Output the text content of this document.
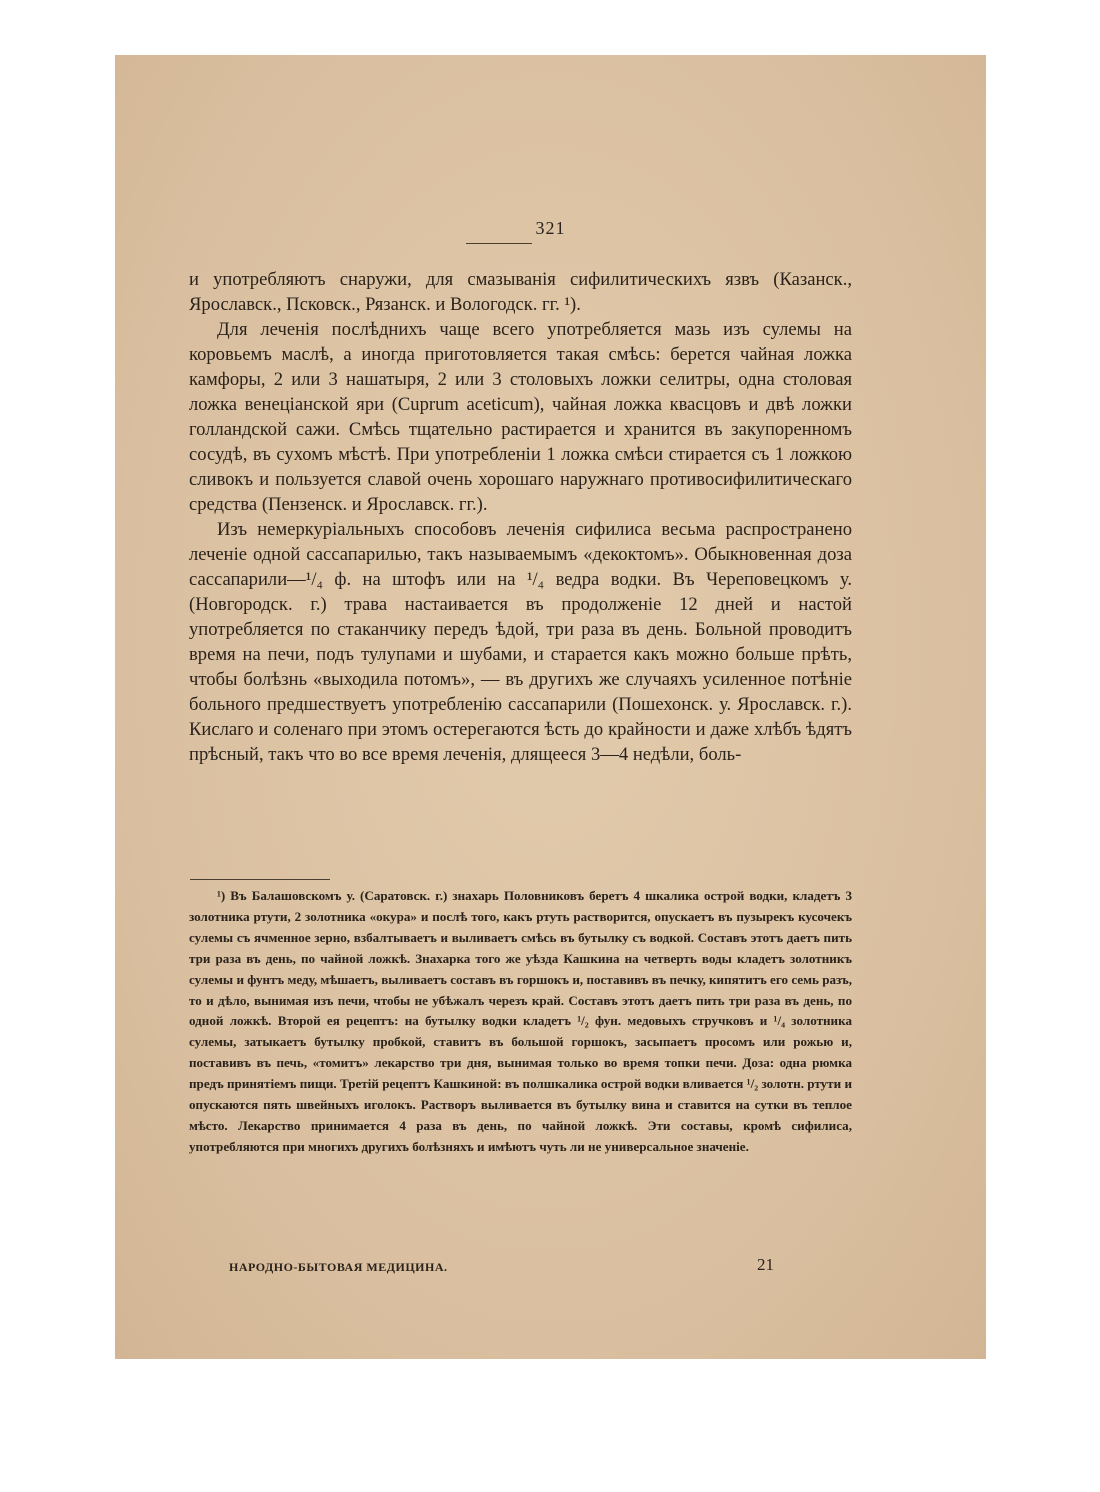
321

и употребляютъ снаружи, для смазыванія сифилитическихъ язвъ (Казанск., Ярославск., Псковск., Рязанск. и Вологодск. гг. ¹).

Для леченія послѣднихъ чаще всего употребляется мазь изъ сулемы на коровьемъ маслѣ, а иногда приготовляется такая смѣсь: берется чайная ложка камфоры, 2 или 3 нашатыря, 2 или 3 столовыхъ ложки селитры, одна столовая ложка венеціанской яри (Cuprum aceticum), чайная ложка квасцовъ и двѣ ложки голландской сажи. Смѣсь тщательно растирается и хранится въ закупоренномъ сосудѣ, въ сухомъ мѣстѣ. При употребленіи 1 ложка смѣси стирается съ 1 ложкою сливокъ и пользуется славой очень хорошаго наружнаго противосифилитическаго средства (Пензенск. и Ярославск. гг.).

Изъ немеркуріальныхъ способовъ леченія сифилиса весьма распространено леченіе одной сассапарилью, такъ называемымъ «декоктомъ». Обыкновенная доза сассапарили—¹/₄ ф. на штофъ или на ¹/₄ ведра водки. Въ Череповецкомъ у. (Новгородск. г.) трава настаивается въ продолженіе 12 дней и настой употребляется по стаканчику передъ ѣдой, три раза въ день. Больной проводитъ время на печи, подъ тулупами и шубами, и старается какъ можно больше прѣть, чтобы болѣзнь «выходила потомъ», — въ другихъ же случаяхъ усиленное потѣніе больного предшествуетъ употребленію сассапарили (Пошехонск. у. Ярославск. г.). Кислаго и соленаго при этомъ остерегаются ѣсть до крайности и даже хлѣбъ ѣдятъ прѣсный, такъ что во все время леченія, длящееся 3—4 недѣли, боль-

¹) Въ Балашовскомъ у. (Саратовск. г.) знахарь Половниковъ беретъ 4 шкалика острой водки, кладетъ 3 золотника ртути, 2 золотника «окура» и послѣ того, какъ ртуть растворится, опускаетъ въ пузырекъ кусочекъ сулемы съ ячменное зерно, взбалтываетъ и выливаетъ смѣсь въ бутылку съ водкой. Составъ этотъ даетъ пить три раза въ день, по чайной ложкѣ. Знахарка того же уѣзда Кашкина на четверть воды кладетъ золотникъ сулемы и фунтъ меду, мѣшаетъ, выливаетъ составъ въ горшокъ и, поставивъ въ печку, кипятитъ его семь разъ, то и дѣло, вынимая изъ печи, чтобы не убѣжалъ черезъ край. Составъ этотъ даетъ пить три раза въ день, по одной ложкѣ. Второй ея рецептъ: на бутылку водки кладетъ ¹/₂ фун. медовыхъ стручковъ и ¹/₄ золотника сулемы, затыкаетъ бутылку пробкой, ставитъ въ большой горшокъ, засыпаетъ просомъ или рожью и, поставивъ въ печь, «томитъ» лекарство три дня, вынимая только во время топки печи. Доза: одна рюмка предъ принятіемъ пищи. Третій рецептъ Кашкиной: въ полшкалика острой водки вливается ¹/₂ золотн. ртути и опускаются пять швейныхъ иголокъ. Растворъ выливается въ бутылку вина и ставится на сутки въ теплое мѣсто. Лекарство принимается 4 раза въ день, по чайной ложкѣ. Эти составы, кромѣ сифилиса, употребляются при многихъ другихъ болѣзняхъ и имѣютъ чуть ли не универсальное значеніе.
НАРОДНО-БЫТОВАЯ МЕДИЦИНА.	21
